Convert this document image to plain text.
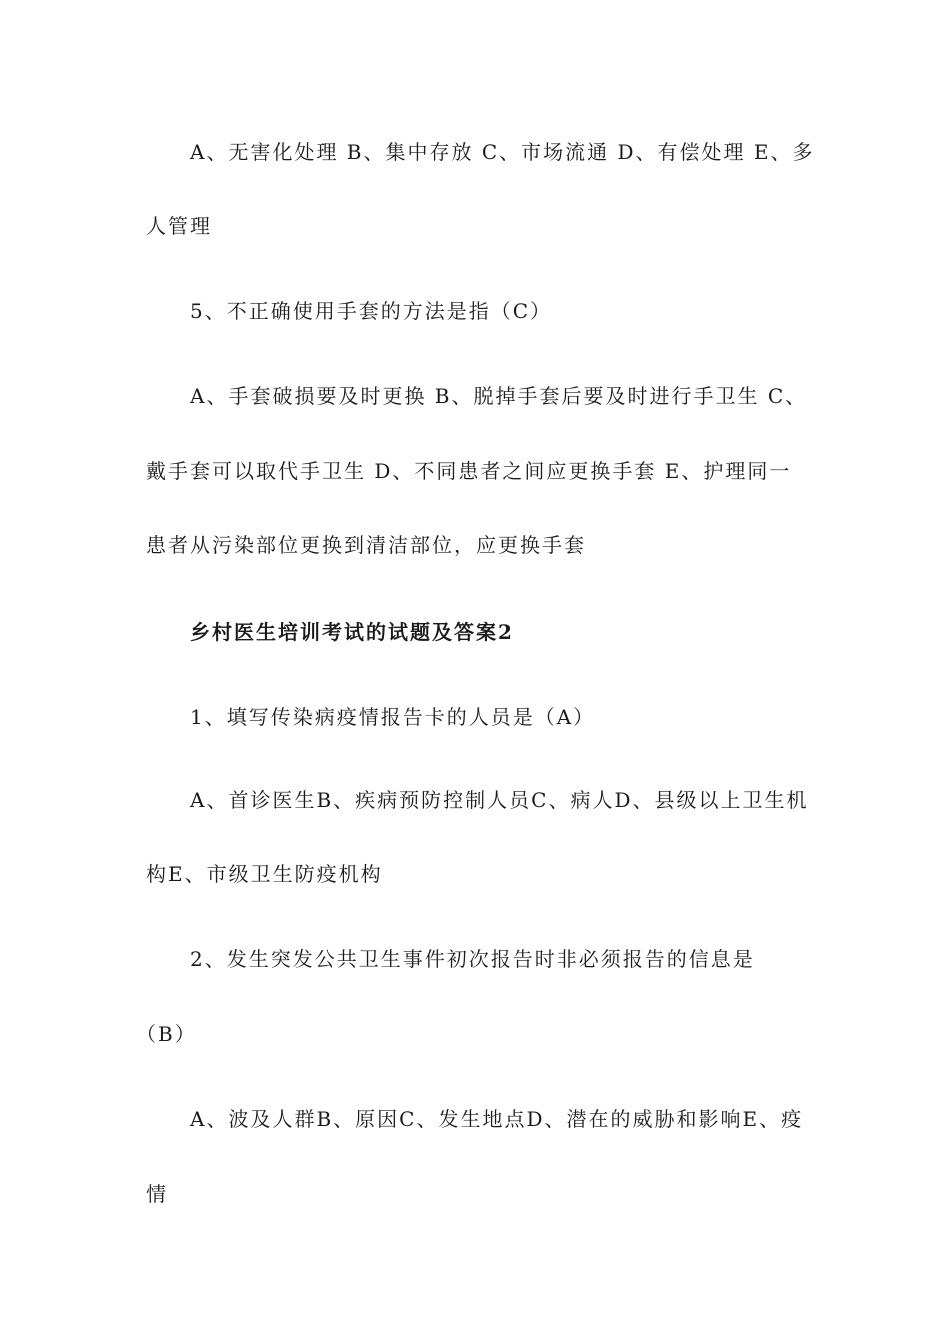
A、无害化处理 B、集中存放 C、市场流通 D、有偿处理 E、多
人管理
5、不正确使用手套的方法是指（C）
A、手套破损要及时更换 B、脱掉手套后要及时进行手卫生 C、
戴手套可以取代手卫生 D、不同患者之间应更换手套 E、护理同一
患者从污染部位更换到清洁部位，应更换手套
乡村医生培训考试的试题及答案2
1、填写传染病疫情报告卡的人员是（A）
A、首诊医生B、疾病预防控制人员C、病人D、县级以上卫生机
构E、市级卫生防疫机构
2、发生突发公共卫生事件初次报告时非必须报告的信息是
（B）
A、波及人群B、原因C、发生地点D、潜在的威胁和影响E、疫
情
